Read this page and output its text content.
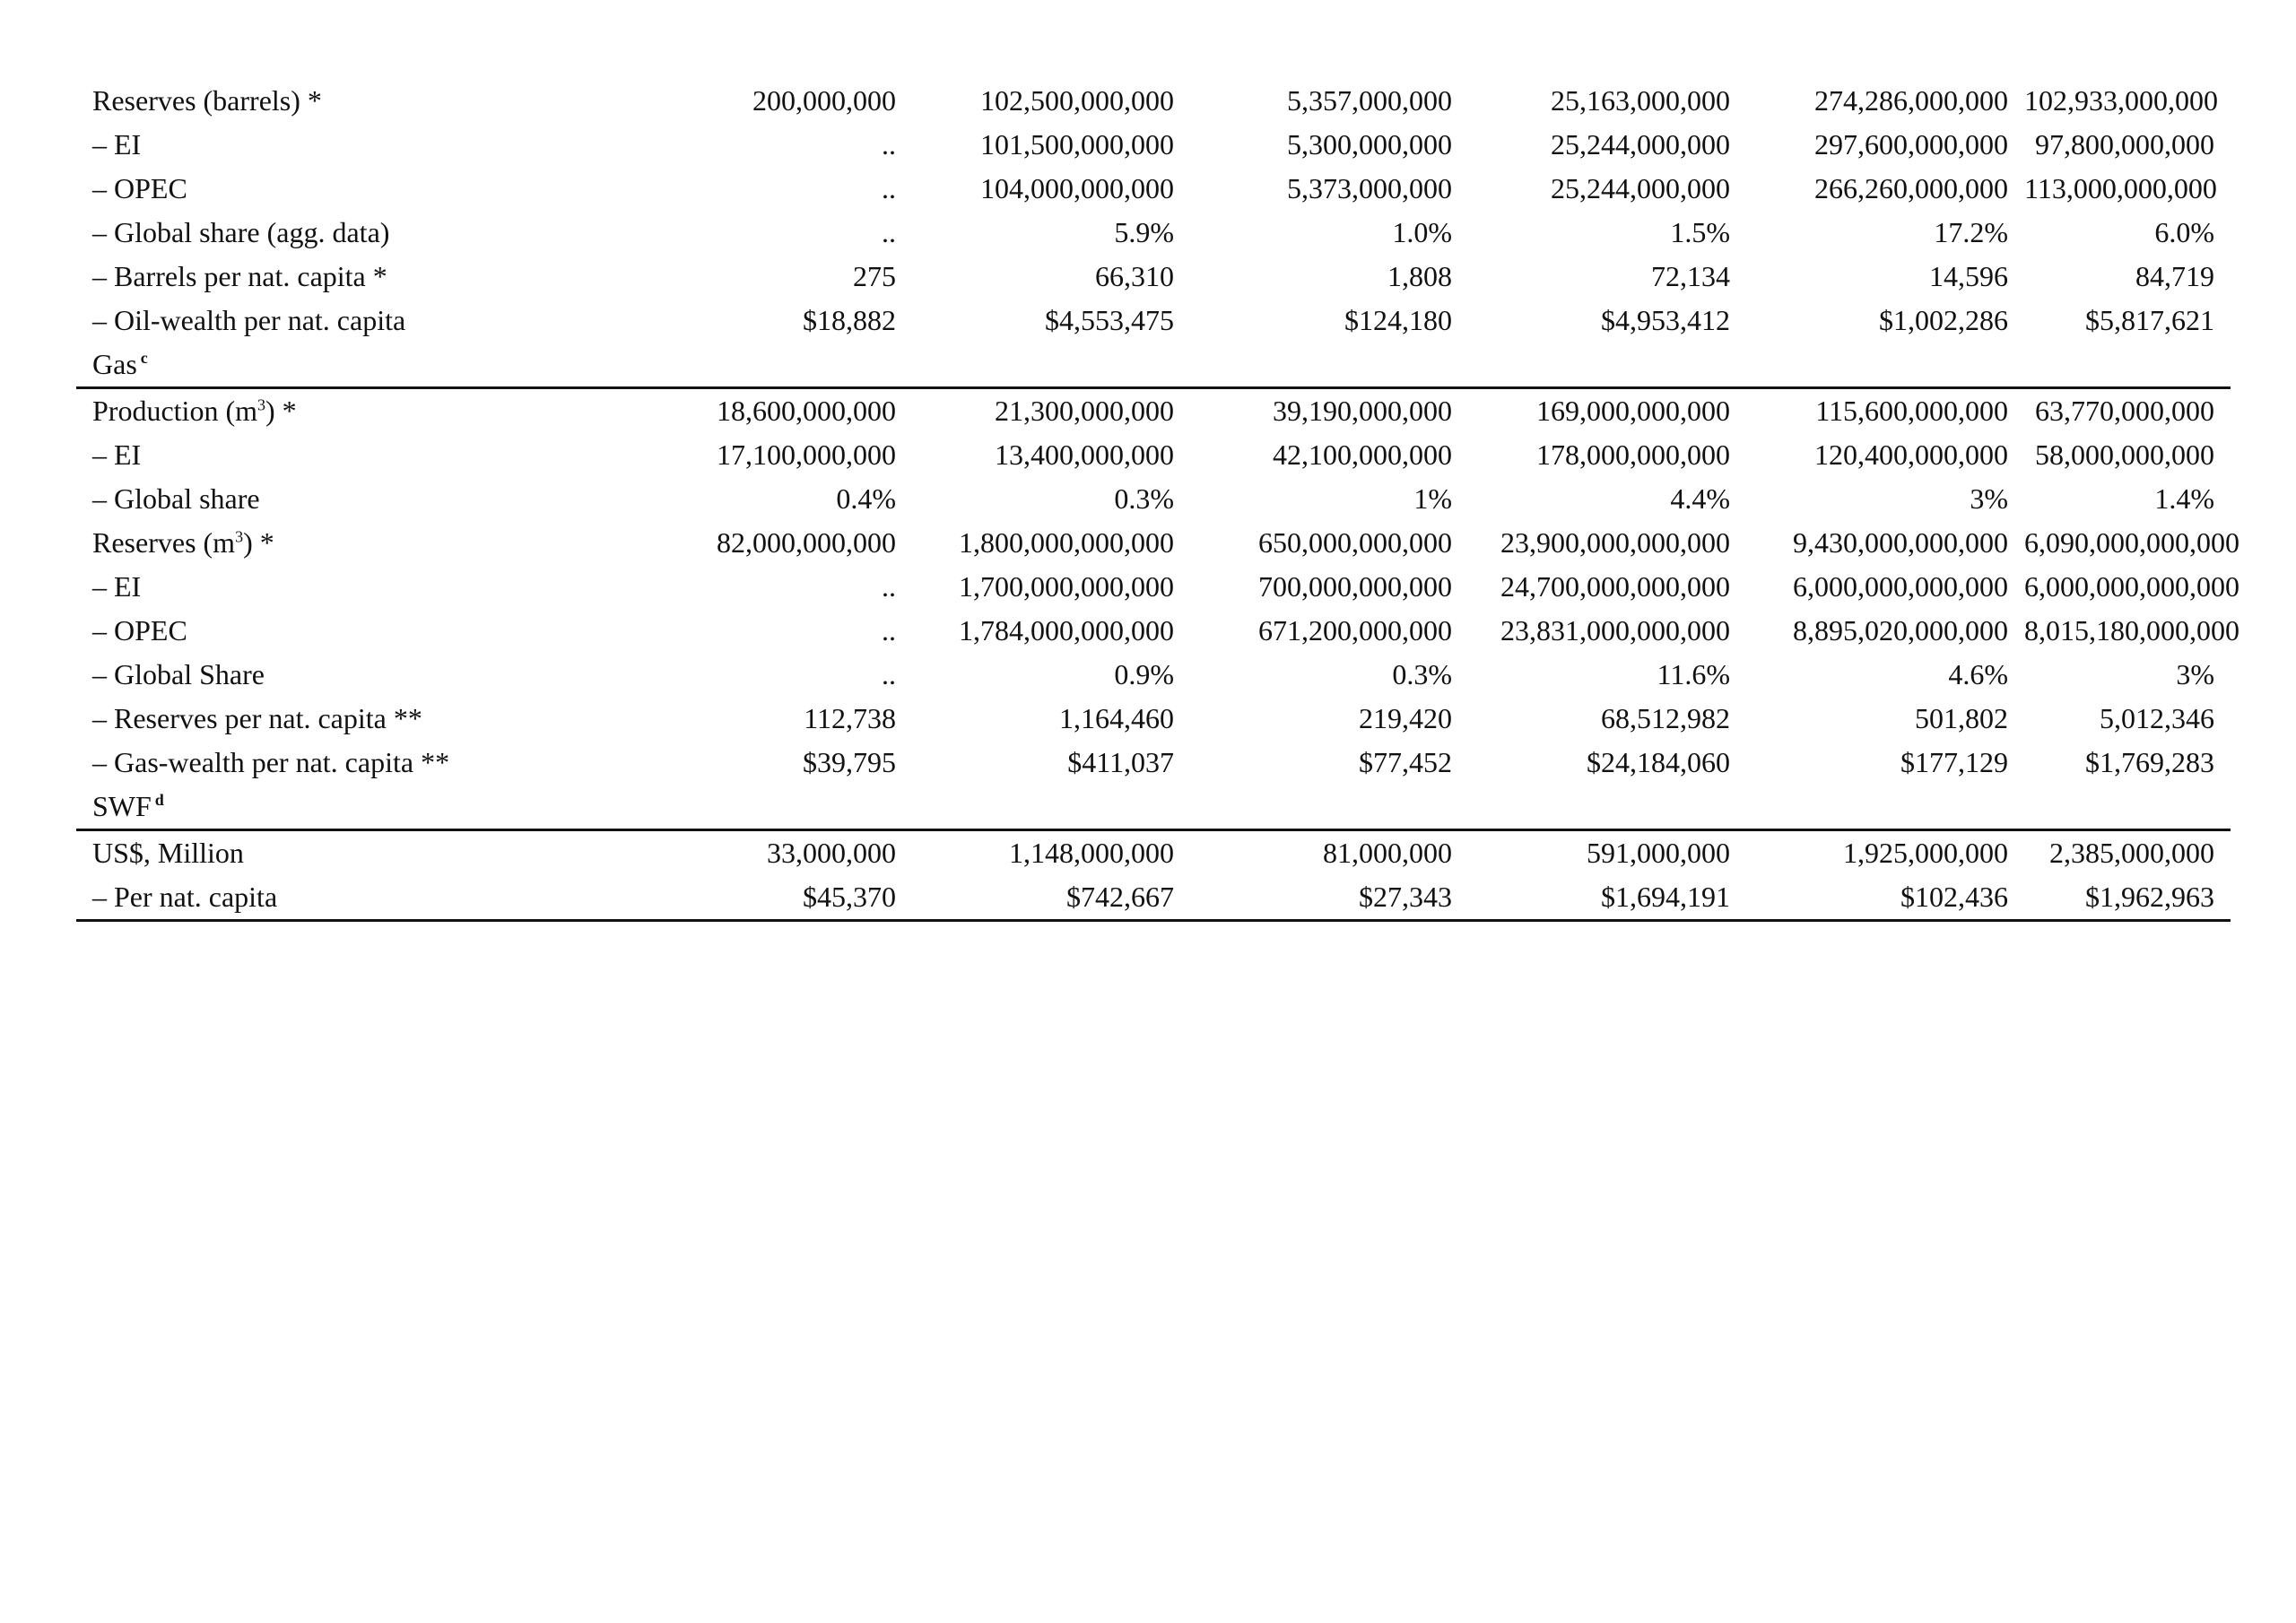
Reserves (barrels) *	200,000,000	102,500,000,000	5,357,000,000	25,163,000,000	274,286,000,000	102,933,000,000
– EI	..	101,500,000,000	5,300,000,000	25,244,000,000	297,600,000,000	97,800,000,000
– OPEC	..	104,000,000,000	5,373,000,000	25,244,000,000	266,260,000,000	113,000,000,000
– Global share (agg. data)	..	5.9%	1.0%	1.5%	17.2%	6.0%
– Barrels per nat. capita *	275	66,310	1,808	72,134	14,596	84,719
– Oil-wealth per nat. capita	$18,882	$4,553,475	$124,180	$4,953,412	$1,002,286	$5,817,621
Gas $^c$						
Production $(m^3)$ *	18,600,000,000	21,300,000,000	39,190,000,000	169,000,000,000	115,600,000,000	63,770,000,000
– EI	17,100,000,000	13,400,000,000	42,100,000,000	178,000,000,000	120,400,000,000	58,000,000,000
– Global share	0.4%	0.3%	1%	4.4%	3%	1.4%
Reserves $(m^3)$ *	82,000,000,000	1,800,000,000,000	650,000,000,000	23,900,000,000,000	9,430,000,000,000	6,090,000,000,000
– EI	..	1,700,000,000,000	700,000,000,000	24,700,000,000,000	6,000,000,000,000	6,000,000,000,000
– OPEC	..	1,784,000,000,000	671,200,000,000	23,831,000,000,000	8,895,020,000,000	8,015,180,000,000
– Global Share	..	0.9%	0.3%	11.6%	4.6%	3%
– Reserves per nat. capita **	112,738	1,164,460	219,420	68,512,982	501,802	5,012,346
– Gas-wealth per nat. capita **	$39,795	$411,037	$77,452	$24,184,060	$177,129	$1,769,283
SWF $^d$						
US$, Million	33,000,000	1,148,000,000	81,000,000	591,000,000	1,925,000,000	2,385,000,000
– Per nat. capita	$45,370	$742,667	$27,343	$1,694,191	$102,436	$1,962,963
